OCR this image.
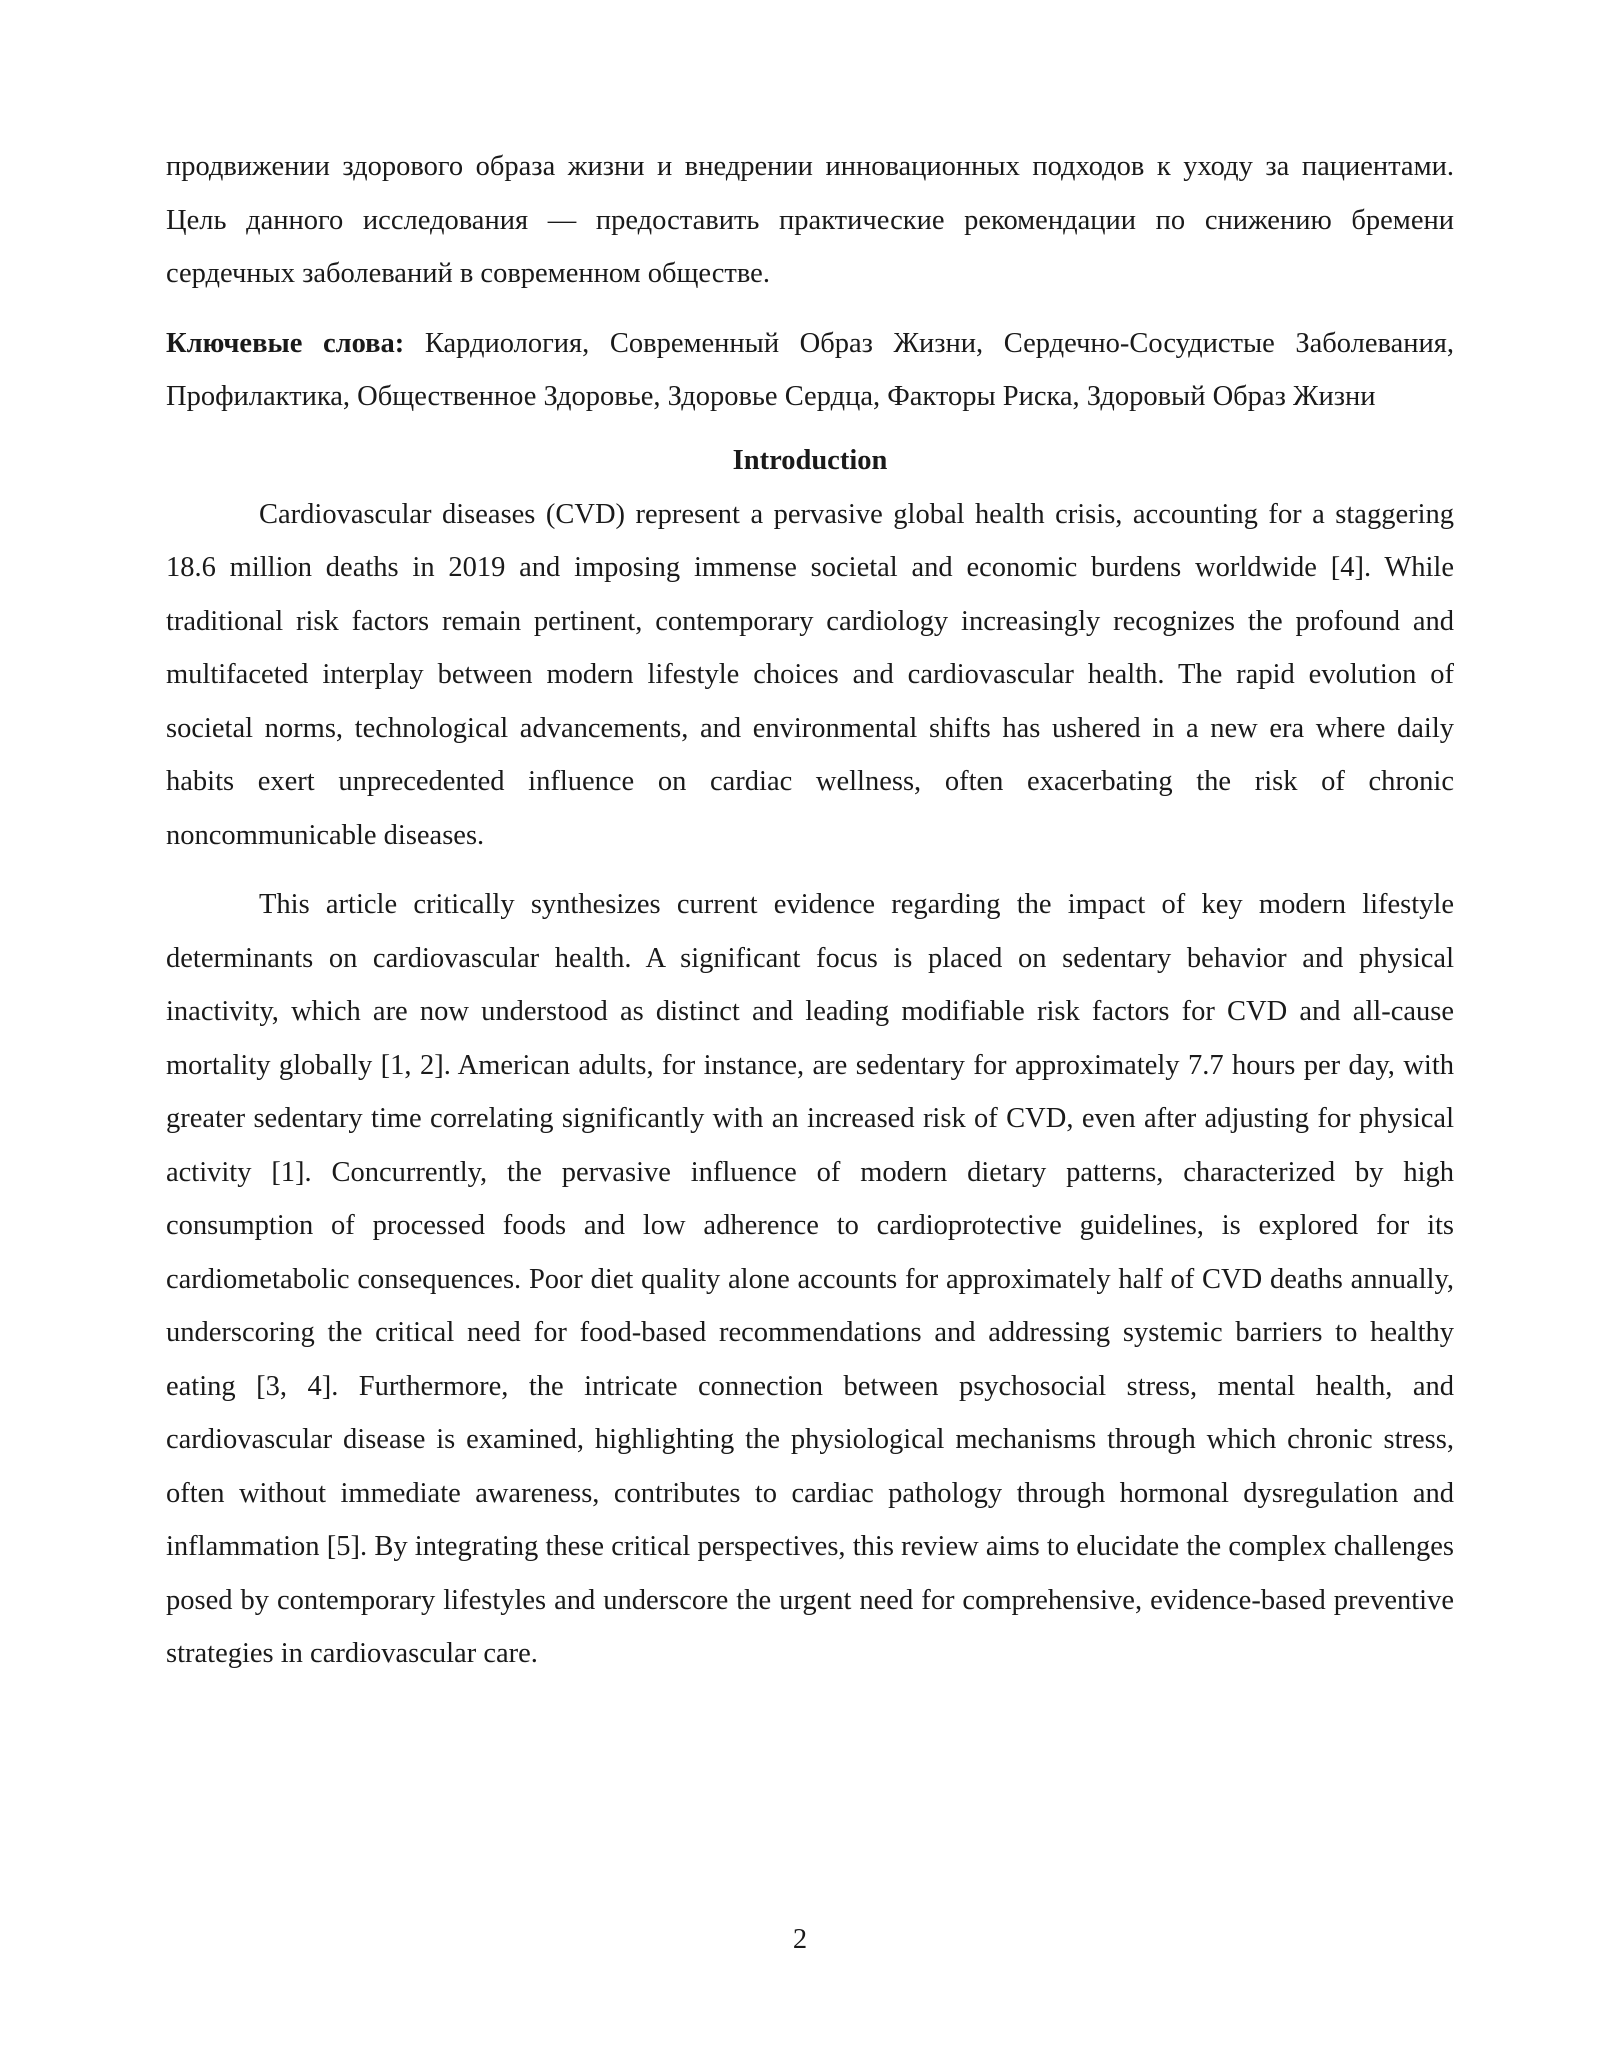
продвижении здорового образа жизни и внедрении инновационных подходов к уходу за пациентами. Цель данного исследования — предоставить практические рекомендации по снижению бремени сердечных заболеваний в современном обществе.

Ключевые слова: Кардиология, Современный Образ Жизни, Сердечно-Сосудистые Заболевания, Профилактика, Общественное Здоровье, Здоровье Сердца, Факторы Риска, Здоровый Образ Жизни

Introduction

Cardiovascular diseases (CVD) represent a pervasive global health crisis, accounting for a staggering 18.6 million deaths in 2019 and imposing immense societal and economic burdens worldwide [4]. While traditional risk factors remain pertinent, contemporary cardiology increasingly recognizes the profound and multifaceted interplay between modern lifestyle choices and cardiovascular health. The rapid evolution of societal norms, technological advancements, and environmental shifts has ushered in a new era where daily habits exert unprecedented influence on cardiac wellness, often exacerbating the risk of chronic noncommunicable diseases.

This article critically synthesizes current evidence regarding the impact of key modern lifestyle determinants on cardiovascular health. A significant focus is placed on sedentary behavior and physical inactivity, which are now understood as distinct and leading modifiable risk factors for CVD and all-cause mortality globally [1, 2]. American adults, for instance, are sedentary for approximately 7.7 hours per day, with greater sedentary time correlating significantly with an increased risk of CVD, even after adjusting for physical activity [1]. Concurrently, the pervasive influence of modern dietary patterns, characterized by high consumption of processed foods and low adherence to cardioprotective guidelines, is explored for its cardiometabolic consequences. Poor diet quality alone accounts for approximately half of CVD deaths annually, underscoring the critical need for food-based recommendations and addressing systemic barriers to healthy eating [3, 4]. Furthermore, the intricate connection between psychosocial stress, mental health, and cardiovascular disease is examined, highlighting the physiological mechanisms through which chronic stress, often without immediate awareness, contributes to cardiac pathology through hormonal dysregulation and inflammation [5]. By integrating these critical perspectives, this review aims to elucidate the complex challenges posed by contemporary lifestyles and underscore the urgent need for comprehensive, evidence-based preventive strategies in cardiovascular care.

2
